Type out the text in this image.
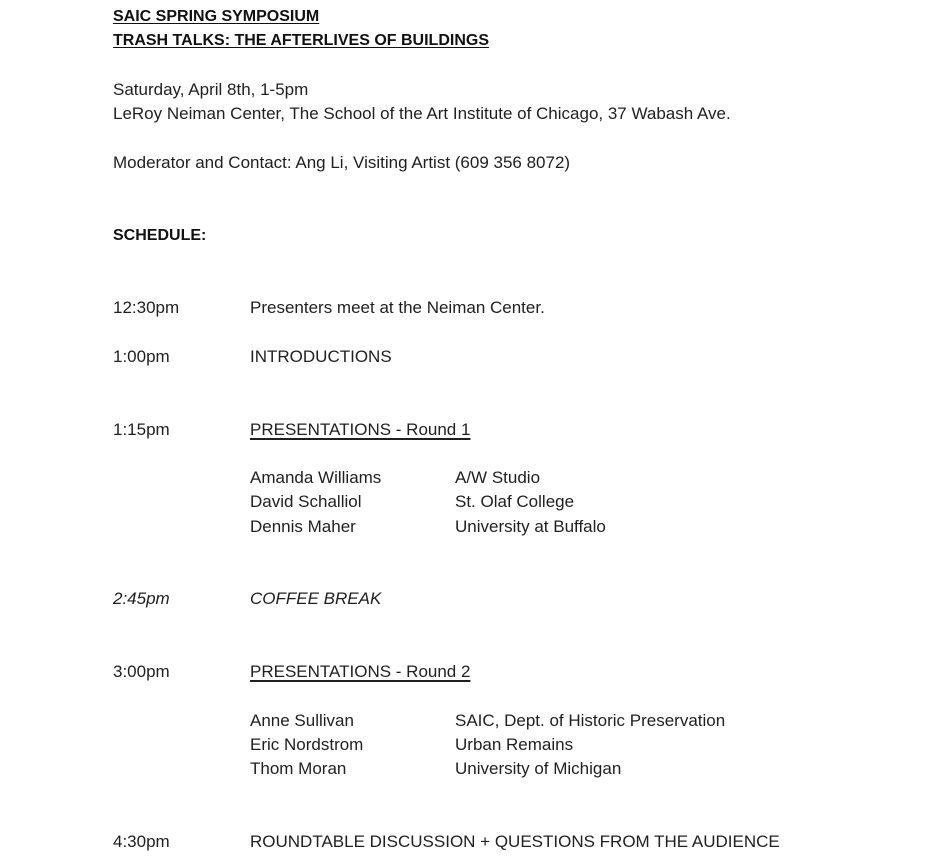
SAIC SPRING SYMPOSIUM
TRASH TALKS: THE AFTERLIVES OF BUILDINGS
Saturday, April 8th, 1-5pm
LeRoy Neiman Center, The School of the Art Institute of Chicago, 37 Wabash Ave.
Moderator and Contact: Ang Li, Visiting Artist (609 356 8072)
SCHEDULE:
12:30pm	Presenters meet at the Neiman Center.
1:00pm	INTRODUCTIONS
1:15pm	PRESENTATIONS - Round 1
Amanda Williams	A/W Studio
David Schalliol	St. Olaf College
Dennis Maher	University at Buffalo
2:45pm	COFFEE BREAK
3:00pm	PRESENTATIONS - Round 2
Anne Sullivan	SAIC, Dept. of Historic Preservation
Eric Nordstrom	Urban Remains
Thom Moran	University of Michigan
4:30pm	ROUNDTABLE DISCUSSION + QUESTIONS FROM THE AUDIENCE
